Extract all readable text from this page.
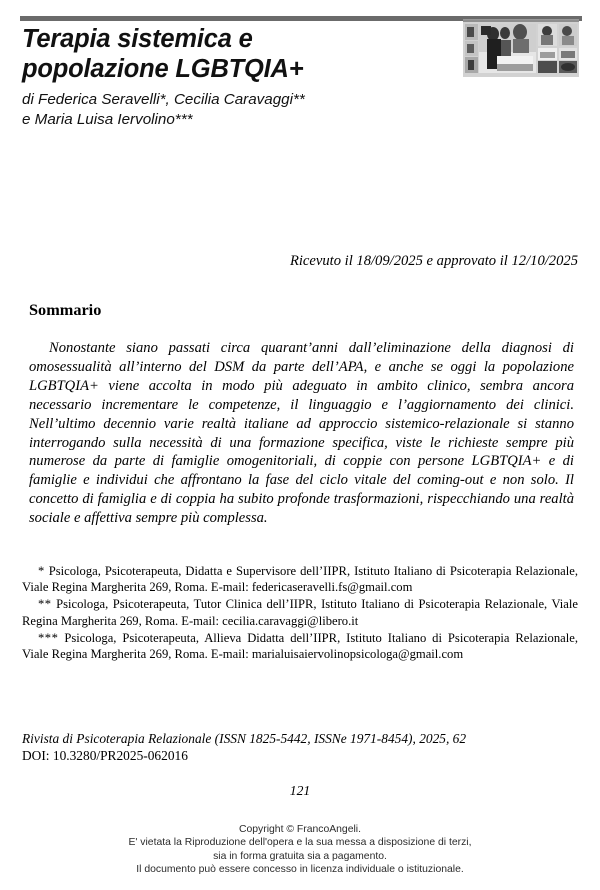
Terapia sistemica e
popolazione LGBTQIA+

di Federica Seravelli*, Cecilia Caravaggi**
e Maria Luisa Iervolino***

Ricevuto il 18/09/2025 e approvato il 12/10/2025
Sommario
Nonostante siano passati circa quarant’anni dall’eliminazione della diagnosi di omosessualità all’interno del DSM da parte dell’APA, e anche se oggi la popolazione LGBTQIA+ viene accolta in modo più adeguato in ambito clinico, sembra ancora necessario incrementare le competenze, il linguaggio e l’aggiornamento dei clinici. Nell’ultimo decennio varie realtà italiane ad approccio sistemico-relazionale si stanno interrogando sulla necessità di una formazione specifica, viste le richieste sempre più numerose da parte di famiglie omogenitoriali, di coppie con persone LGBTQIA+ e di famiglie e individui che affrontano la fase del ciclo vitale del coming-out e non solo. Il concetto di famiglia e di coppia ha subito profonde trasformazioni, rispecchiando una realtà sociale e affettiva sempre più complessa.

* Psicologa, Psicoterapeuta, Didatta e Supervisore dell’IIPR, Istituto Italiano di Psicoterapia Relazionale, Viale Regina Margherita 269, Roma. E-mail: federicaseravelli.fs@gmail.com

** Psicologa, Psicoterapeuta, Tutor Clinica dell’IIPR, Istituto Italiano di Psicoterapia Relazionale, Viale Regina Margherita 269, Roma. E-mail: cecilia.caravaggi@libero.it

*** Psicologa, Psicoterapeuta, Allieva Didatta dell’IIPR, Istituto Italiano di Psicoterapia Relazionale, Viale Regina Margherita 269, Roma. E-mail: marialuisaiervolinopsicologa@gmail.com

Rivista di Psicoterapia Relazionale (ISSN 1825-5442, ISSNe 1971-8454), 2025, 62
DOI: 10.3280/PR2025-062016
121
Copyright © FrancoAngeli.
E' vietata la Riproduzione dell'opera e la sua messa a disposizione di terzi,
sia in forma gratuita sia a pagamento.
Il documento può essere concesso in licenza individuale o istituzionale.
